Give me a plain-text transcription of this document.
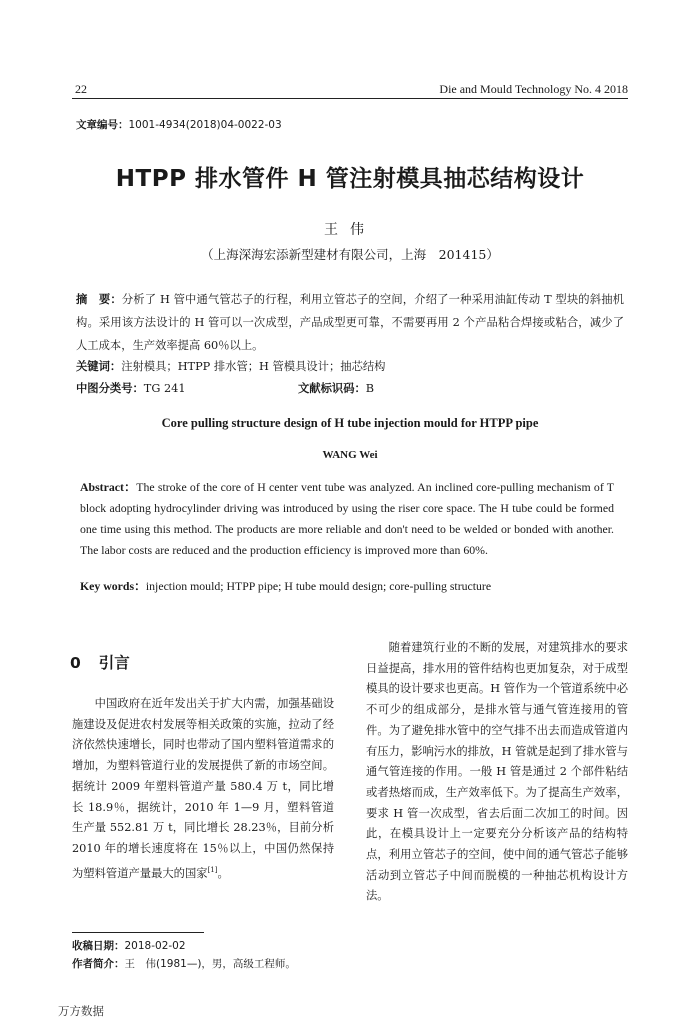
22	Die and Mould Technology No. 4 2018
文章编号：1001-4934(2018)04-0022-03
HTPP 排水管件 H 管注射模具抽芯结构设计
王伟
（上海深海宏添新型建材有限公司，上海　201415）
摘　要：分析了 H 管中通气管芯子的行程，利用立管芯子的空间，介绍了一种采用油缸传动 T 型块的斜抽机构。采用该方法设计的 H 管可以一次成型，产品成型更可靠，不需要再用 2 个产品粘合焊接或粘合，减少了人工成本，生产效率提高 60％以上。
关键词：注射模具；HTPP 排水管；H 管模具设计；抽芯结构
中图分类号：TG 241	文献标识码：B
Core pulling structure design of H tube injection mould for HTPP pipe
WANG Wei
Abstract：The stroke of the core of H center vent tube was analyzed. An inclined core-pulling mechanism of T block adopting hydrocylinder driving was introduced by using the riser core space. The H tube could be formed one time using this method. The products are more reliable and don't need to be welded or bonded with another. The labor costs are reduced and the production efficiency is improved more than 60%.
Key words：injection mould; HTPP pipe; H tube mould design; core-pulling structure
0 引言
中国政府在近年发出关于扩大内需，加强基础设施建设及促进农村发展等相关政策的实施，拉动了经济依然快速增长，同时也带动了国内塑料管道需求的增加，为塑料管道行业的发展提供了新的市场空间。据统计 2009 年塑料管道产量 580.4 万 t，同比增长 18.9％，据统计，2010 年 1—9 月，塑料管道生产量 552.81 万 t，同比增长 28.23％，目前分析 2010 年的增长速度将在 15％以上，中国仍然保持为塑料管道产量最大的国家[1]。
随着建筑行业的不断的发展，对建筑排水的要求日益提高，排水用的管件结构也更加复杂，对于成型模具的设计要求也更高。H 管作为一个管道系统中必不可少的组成部分，是排水管与通气管连接用的管件。为了避免排水管中的空气排不出去而造成管道内有压力，影响污水的排放，H 管就是起到了排水管与通气管连接的作用。一般 H 管是通过 2 个部件粘结或者热熔而成，生产效率低下。为了提高生产效率，要求 H 管一次成型，省去后面二次加工的时间。因此，在模具设计上一定要充分分析该产品的结构特点，利用立管芯子的空间，使中间的通气管芯子能够活动到立管芯子中间而脱模的一种抽芯机构设计方法。
收稿日期：2018-02-02
作者简介：王　伟(1981—)，男，高级工程师。
万方数据
